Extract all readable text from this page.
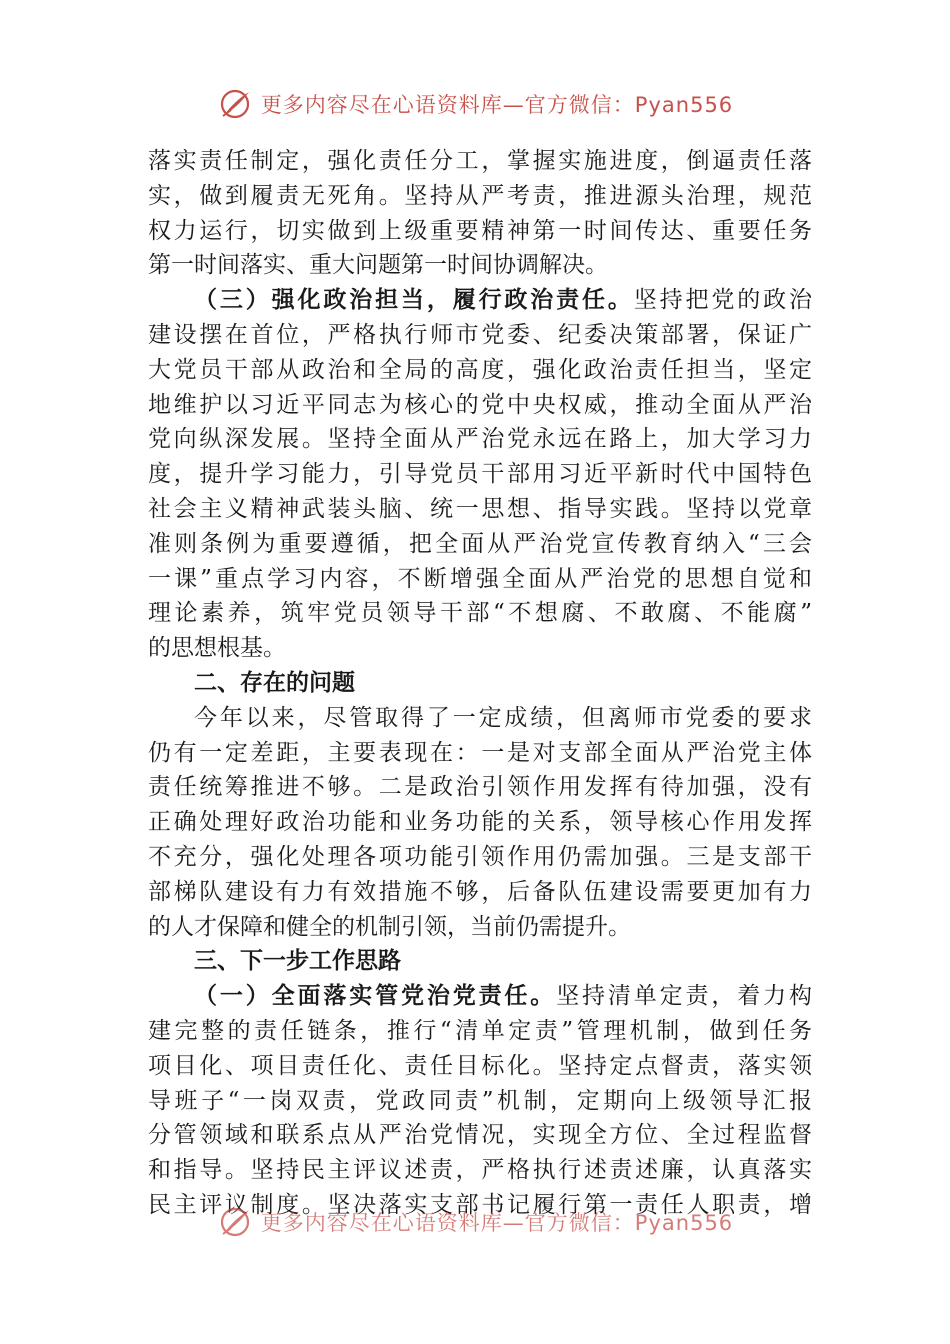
更多内容尽在心语资料库—官方微信：Pyan556
落实责任制定，强化责任分工，掌握实施进度，倒逼责任落
实，做到履责无死角。坚持从严考责，推进源头治理，规范
权力运行，切实做到上级重要精神第一时间传达、重要任务
第一时间落实、重大问题第一时间协调解决。
（三）强化政治担当，履行政治责任。坚持把党的政治
建设摆在首位，严格执行师市党委、纪委决策部署，保证广
大党员干部从政治和全局的高度，强化政治责任担当，坚定
地维护以习近平同志为核心的党中央权威，推动全面从严治
党向纵深发展。坚持全面从严治党永远在路上，加大学习力
度，提升学习能力，引导党员干部用习近平新时代中国特色
社会主义精神武装头脑、统一思想、指导实践。坚持以党章
准则条例为重要遵循，把全面从严治党宣传教育纳入“三会
一课”重点学习内容，不断增强全面从严治党的思想自觉和
理论素养，筑牢党员领导干部“不想腐、不敢腐、不能腐”
的思想根基。
二、存在的问题
今年以来，尽管取得了一定成绩，但离师市党委的要求
仍有一定差距，主要表现在：一是对支部全面从严治党主体
责任统筹推进不够。二是政治引领作用发挥有待加强，没有
正确处理好政治功能和业务功能的关系，领导核心作用发挥
不充分，强化处理各项功能引领作用仍需加强。三是支部干
部梯队建设有力有效措施不够，后备队伍建设需要更加有力
的人才保障和健全的机制引领，当前仍需提升。
三、下一步工作思路
（一）全面落实管党治党责任。坚持清单定责，着力构
建完整的责任链条，推行“清单定责”管理机制，做到任务
项目化、项目责任化、责任目标化。坚持定点督责，落实领
导班子“一岗双责，党政同责”机制，定期向上级领导汇报
分管领域和联系点从严治党情况，实现全方位、全过程监督
和指导。坚持民主评议述责，严格执行述责述廉，认真落实
民主评议制度。坚决落实支部书记履行第一责任人职责，增
更多内容尽在心语资料库—官方微信：Pyan556
